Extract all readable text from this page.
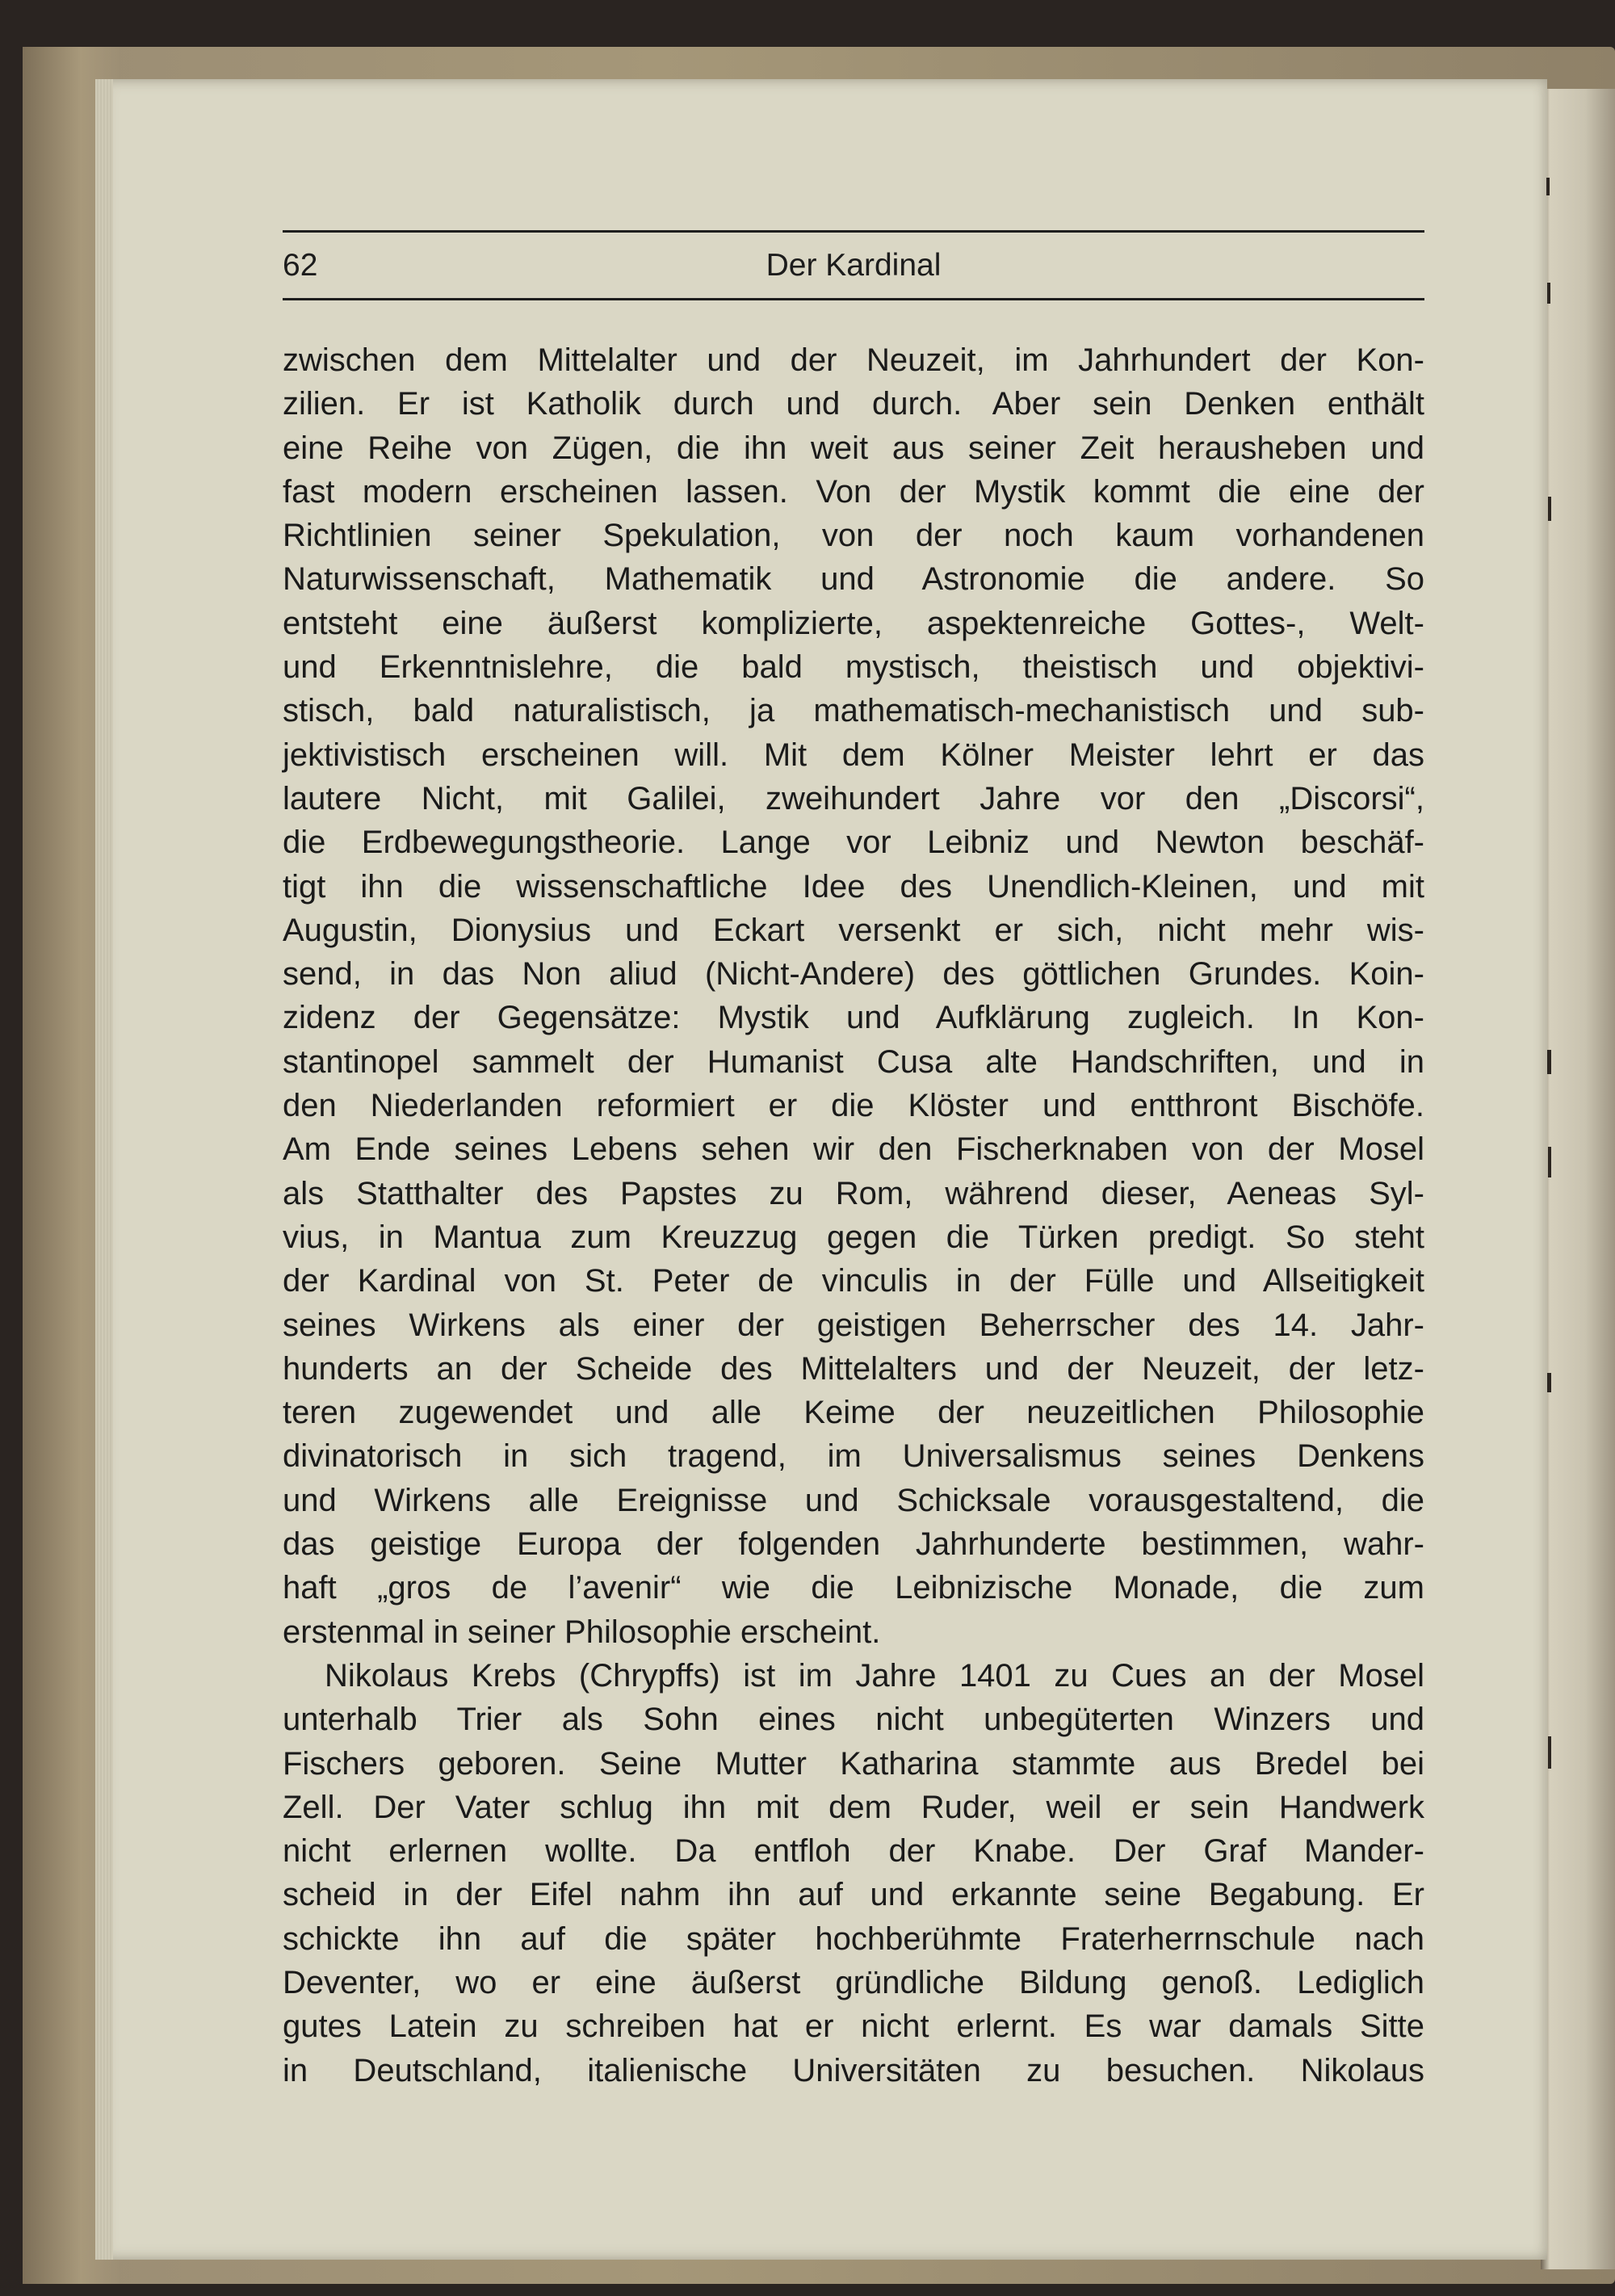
62	Der Kardinal
zwischen dem Mittelalter und der Neuzeit, im Jahrhundert der Kon-
zilien. Er ist Katholik durch und durch. Aber sein Denken enthält
eine Reihe von Zügen, die ihn weit aus seiner Zeit herausheben und
fast modern erscheinen lassen. Von der Mystik kommt die eine der
Richtlinien seiner Spekulation, von der noch kaum vorhandenen
Naturwissenschaft, Mathematik und Astronomie die andere. So
entsteht eine äußerst komplizierte, aspektenreiche Gottes-, Welt-
und Erkenntnislehre, die bald mystisch, theistisch und objektivi-
stisch, bald naturalistisch, ja mathematisch-mechanistisch und sub-
jektivistisch erscheinen will. Mit dem Kölner Meister lehrt er das
lautere Nicht, mit Galilei, zweihundert Jahre vor den „Discorsi“,
die Erdbewegungstheorie. Lange vor Leibniz und Newton beschäf-
tigt ihn die wissenschaftliche Idee des Unendlich-Kleinen, und mit
Augustin, Dionysius und Eckart versenkt er sich, nicht mehr wis-
send, in das Non aliud (Nicht-Andere) des göttlichen Grundes. Koin-
zidenz der Gegensätze: Mystik und Aufklärung zugleich. In Kon-
stantinopel sammelt der Humanist Cusa alte Handschriften, und in
den Niederlanden reformiert er die Klöster und entthront Bischöfe.
Am Ende seines Lebens sehen wir den Fischerknaben von der Mosel
als Statthalter des Papstes zu Rom, während dieser, Aeneas Syl-
vius, in Mantua zum Kreuzzug gegen die Türken predigt. So steht
der Kardinal von St. Peter de vinculis in der Fülle und Allseitigkeit
seines Wirkens als einer der geistigen Beherrscher des 14. Jahr-
hunderts an der Scheide des Mittelalters und der Neuzeit, der letz-
teren zugewendet und alle Keime der neuzeitlichen Philosophie
divinatorisch in sich tragend, im Universalismus seines Denkens
und Wirkens alle Ereignisse und Schicksale vorausgestaltend, die
das geistige Europa der folgenden Jahrhunderte bestimmen, wahr-
haft „gros de l’avenir“ wie die Leibnizische Monade, die zum
erstenmal in seiner Philosophie erscheint.
Nikolaus Krebs (Chrypffs) ist im Jahre 1401 zu Cues an der Mosel
unterhalb Trier als Sohn eines nicht unbegüterten Winzers und
Fischers geboren. Seine Mutter Katharina stammte aus Bredel bei
Zell. Der Vater schlug ihn mit dem Ruder, weil er sein Handwerk
nicht erlernen wollte. Da entfloh der Knabe. Der Graf Mander-
scheid in der Eifel nahm ihn auf und erkannte seine Begabung. Er
schickte ihn auf die später hochberühmte Fraterherrnschule nach
Deventer, wo er eine äußerst gründliche Bildung genoß. Lediglich
gutes Latein zu schreiben hat er nicht erlernt. Es war damals Sitte
in Deutschland, italienische Universitäten zu besuchen. Nikolaus
